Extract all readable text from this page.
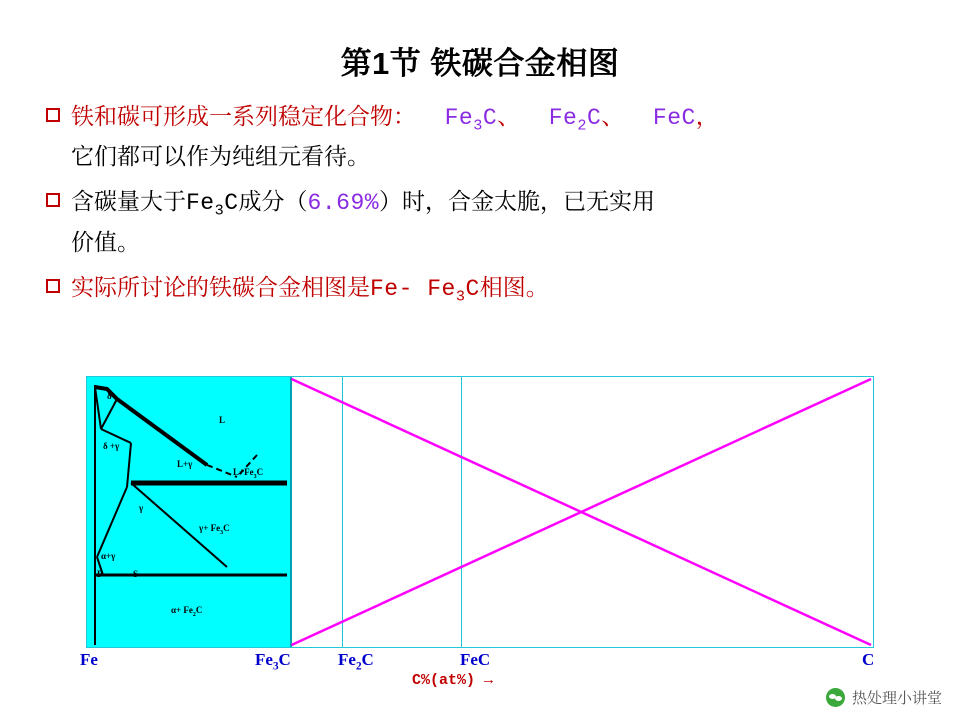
第1节 铁碳合金相图
铁和碳可形成一系列稳定化合物：  $Fe_3C$、  $Fe_2C$、  FeC，
它们都可以作为纯组元看待。
含碳量大于$Fe_3C$成分（6.69%）时，合金太脆，已无实用
价值。
实际所讨论的铁碳合金相图是Fe- $Fe_3C$相图。
δ
L
δ +γ
L+γ
$L+Fe_3C$
γ
$\gamma+ Fe_3C$
α+γ
P	S
$\alpha+ Fe_2C$
Fe	$Fe_3C$	$Fe_2C$	FeC	C
C%(at%) →
热处理小讲堂
